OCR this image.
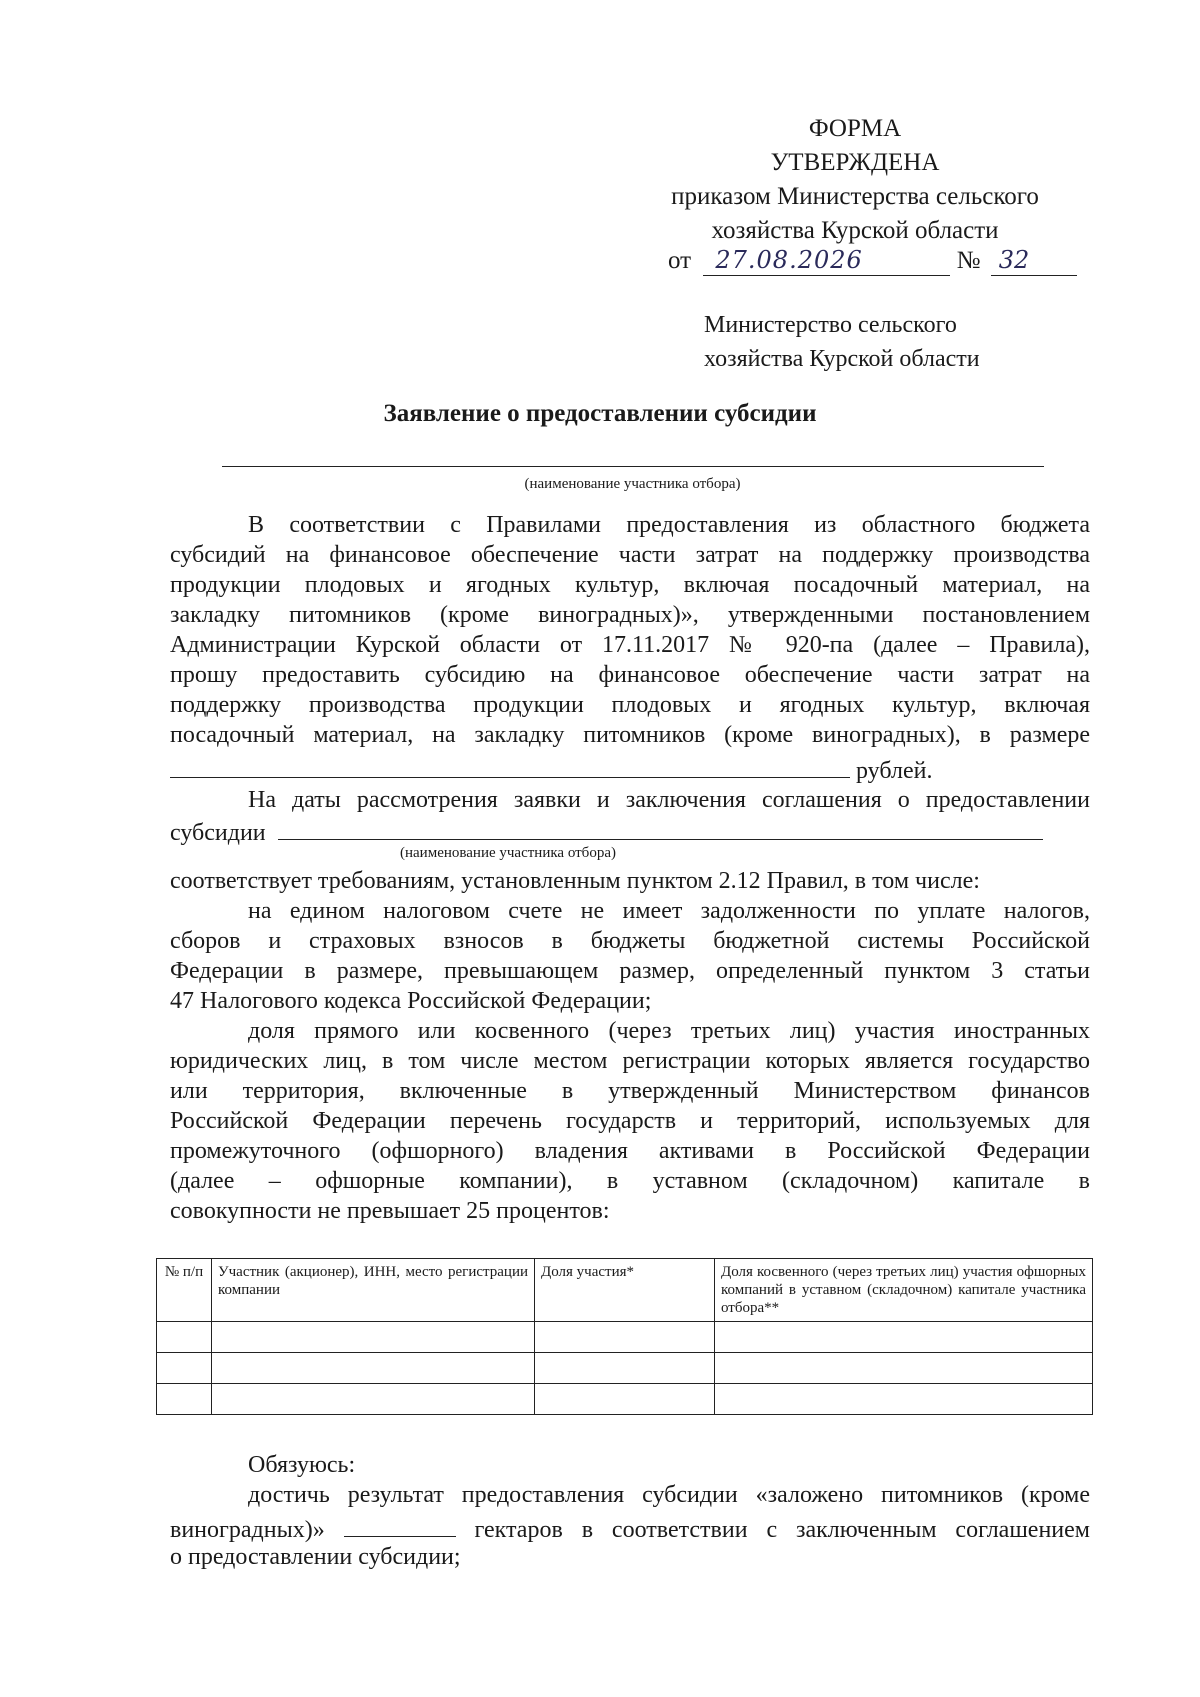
ФОРМА
УТВЕРЖДЕНА
приказом Министерства сельского
хозяйства Курской области
от 27.08.2026	№ 32
Министерство сельского
хозяйства Курской области
Заявление о предоставлении субсидии
(наименование участника отбора)
В соответствии с Правилами предоставления из областного бюджета
субсидий на финансовое обеспечение части затрат на поддержку производства
продукции плодовых и ягодных культур, включая посадочный материал, на
закладку питомников (кроме виноградных)», утвержденными постановлением
Администрации Курской области от 17.11.2017 № 920-па (далее – Правила),
прошу предоставить субсидию на финансовое обеспечение части затрат на
поддержку производства продукции плодовых и ягодных культур, включая
посадочный материал, на закладку питомников (кроме виноградных), в размере
рублей.
На даты рассмотрения заявки и заключения соглашения о предоставлении
субсидии
(наименование участника отбора)
соответствует требованиям, установленным пунктом 2.12 Правил, в том числе:
на едином налоговом счете не имеет задолженности по уплате налогов,
сборов и страховых взносов в бюджеты бюджетной системы Российской
Федерации в размере, превышающем размер, определенный пунктом 3 статьи
47 Налогового кодекса Российской Федерации;
доля прямого или косвенного (через третьих лиц) участия иностранных
юридических лиц, в том числе местом регистрации которых является государство
или территория, включенные в утвержденный Министерством финансов
Российской Федерации перечень государств и территорий, используемых для
промежуточного (офшорного) владения активами в Российской Федерации
(далее – офшорные компании), в уставном (складочном) капитале в
совокупности не превышает 25 процентов:
№ п/п	Участник (акционер), ИНН, место регистрации компании	Доля участия*	Доля косвенного (через третьих лиц) участия офшорных компаний в уставном (складочном) капитале участника отбора**

Обязуюсь:
достичь результат предоставления субсидии «заложено питомников (кроме
виноградных)»	гектаров в соответствии с заключенным соглашением
о предоставлении субсидии;
